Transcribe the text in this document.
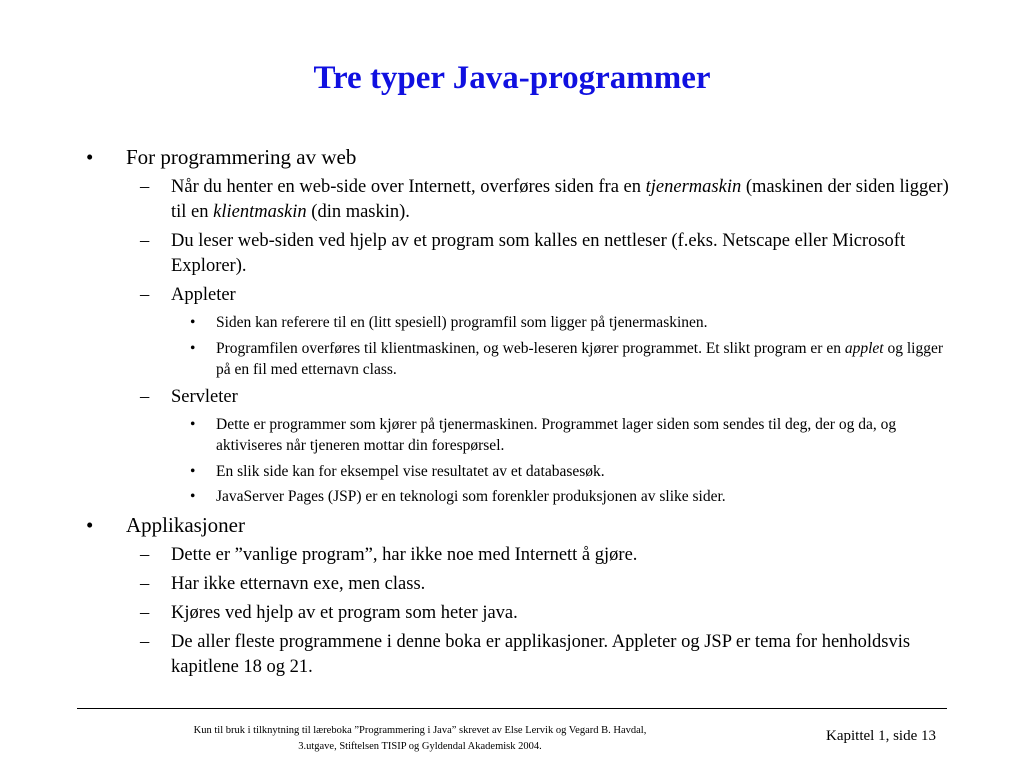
Tre typer Java-programmer
• For programmering av web
– Når du henter en web-side over Internett, overføres siden fra en tjenermaskin (maskinen der siden ligger) til en klientmaskin (din maskin).
– Du leser web-siden ved hjelp av et program som kalles en nettleser (f.eks. Netscape eller Microsoft Explorer).
– Appleter
• Siden kan referere til en (litt spesiell) programfil som ligger på tjenermaskinen.
• Programfilen overføres til klientmaskinen, og web-leseren kjører programmet. Et slikt program er en applet og ligger på en fil med etternavn class.
– Servleter
• Dette er programmer som kjører på tjenermaskinen. Programmet lager siden som sendes til deg, der og da, og aktiviseres når tjeneren mottar din forespørsel.
• En slik side kan for eksempel vise resultatet av et databasesøk.
• JavaServer Pages (JSP) er en teknologi som forenkler produksjonen av slike sider.
• Applikasjoner
– Dette er ”vanlige program”, har ikke noe med Internett å gjøre.
– Har ikke etternavn exe, men class.
– Kjøres ved hjelp av et program som heter java.
– De aller fleste programmene i denne boka er applikasjoner. Appleter og JSP er tema for henholdsvis kapitlene 18 og 21.
Kun til bruk i tilknytning til læreboka ”Programmering i Java” skrevet av Else Lervik og Vegard B. Havdal,
3.utgave, Stiftelsen TISIP og Gyldendal Akademisk 2004.
Kapittel 1, side 13
